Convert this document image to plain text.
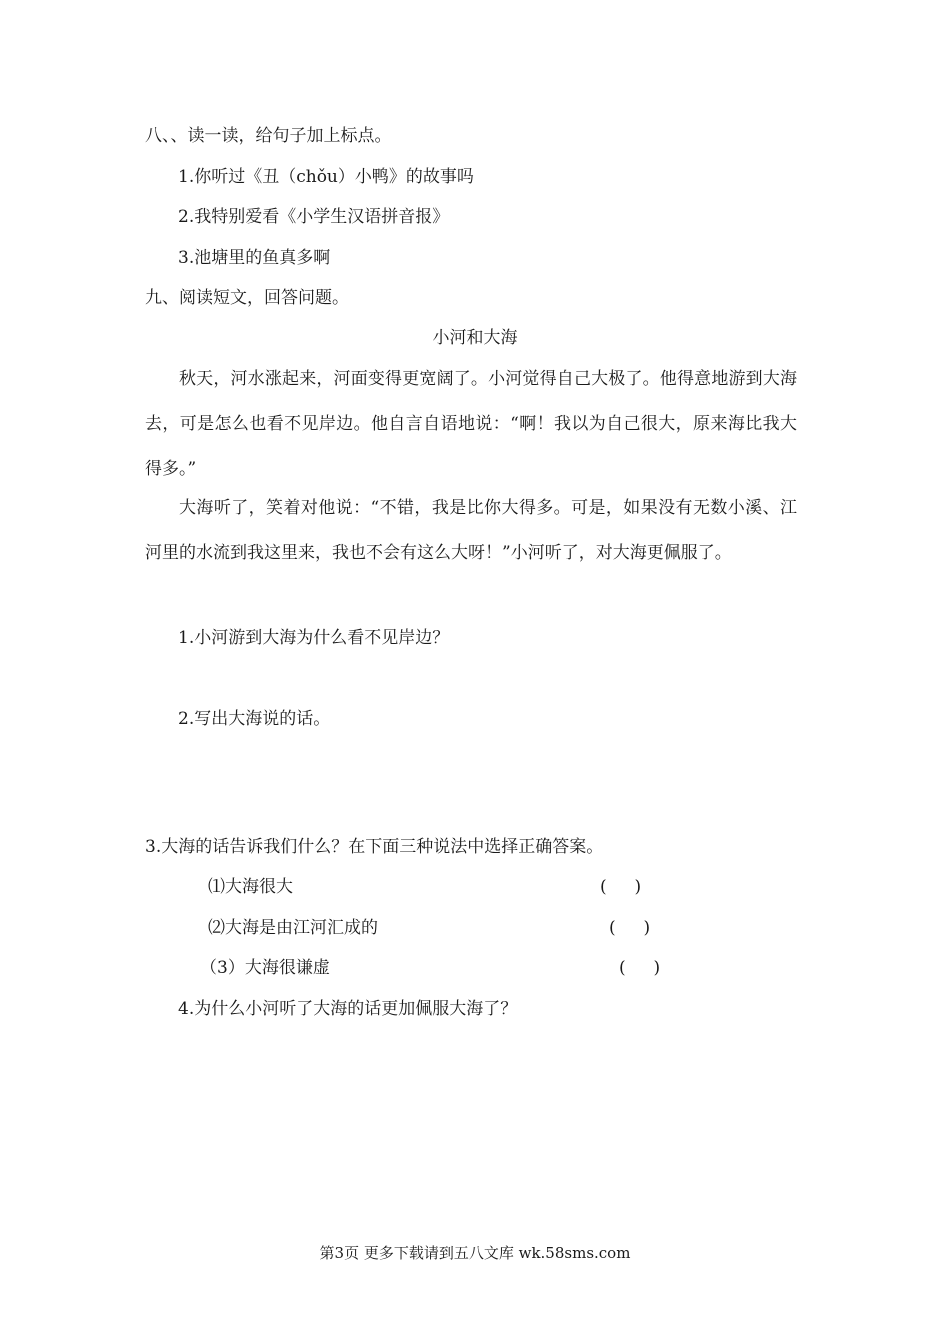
八、、读一读，给句子加上标点。
1.你听过《丑（chǒu）小鸭》的故事吗
2.我特别爱看《小学生汉语拼音报》
3.池塘里的鱼真多啊
九、阅读短文，回答问题。
小河和大海
秋天，河水涨起来，河面变得更宽阔了。小河觉得自己大极了。他得意地游到大海去，可是怎么也看不见岸边。他自言自语地说：“啊！我以为自己很大，原来海比我大得多。”
大海听了，笑着对他说：“不错，我是比你大得多。可是，如果没有无数小溪、江河里的水流到我这里来，我也不会有这么大呀！”小河听了，对大海更佩服了。
1.小河游到大海为什么看不见岸边？
2.写出大海说的话。
3.大海的话告诉我们什么？在下面三种说法中选择正确答案。
⑴大海很大	(　  )
⑵大海是由江河汇成的	(　  )
（3）大海很谦虚	(　  )
4.为什么小河听了大海的话更加佩服大海了？
第3页 更多下载请到五八文库 wk.58sms.com
